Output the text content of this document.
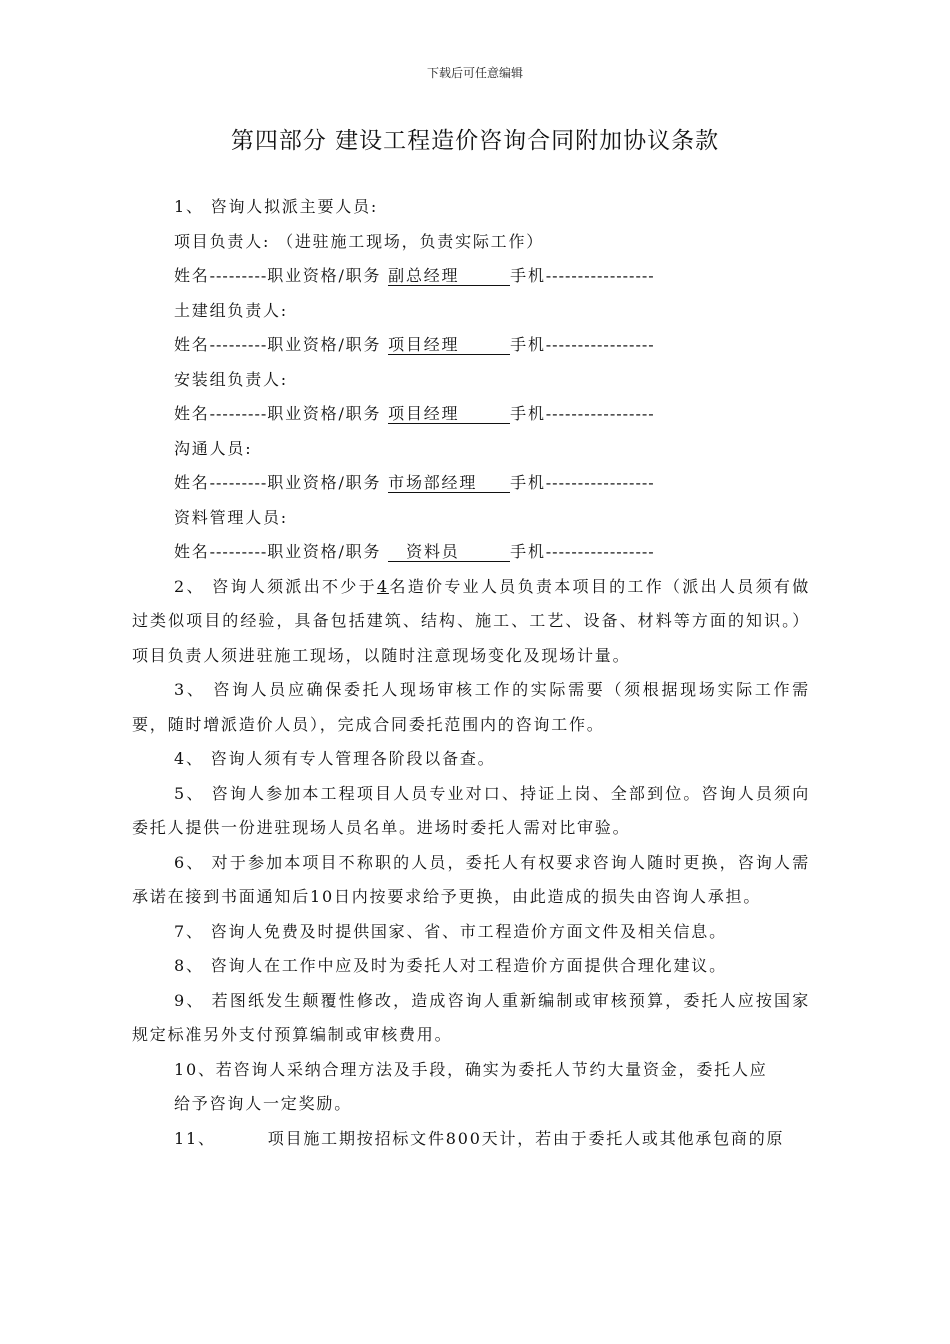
下载后可任意编辑
第四部分 建设工程造价咨询合同附加协议条款
1、 咨询人拟派主要人员:
项目负责人: （进驻施工现场，负责实际工作）
姓名---------职业资格/职务 副总经理	手机-----------------
土建组负责人:
姓名---------职业资格/职务 项目经理	手机-----------------
安装组负责人:
姓名---------职业资格/职务 项目经理	手机-----------------
沟通人员:
姓名---------职业资格/职务 市场部经理 手机-----------------
资料管理人员:
姓名---------职业资格/职务 资料员	手机-----------------
2、 咨询人须派出不少于4名造价专业人员负责本项目的工作（派出人员须有做过类似项目的经验，具备包括建筑、结构、施工、工艺、设备、材料等方面的知识。）项目负责人须进驻施工现场，以随时注意现场变化及现场计量。
3、 咨询人员应确保委托人现场审核工作的实际需要（须根据现场实际工作需要，随时增派造价人员），完成合同委托范围内的咨询工作。
4、 咨询人须有专人管理各阶段以备查。
5、 咨询人参加本工程项目人员专业对口、持证上岗、全部到位。咨询人员须向委托人提供一份进驻现场人员名单。进场时委托人需对比审验。
6、 对于参加本项目不称职的人员，委托人有权要求咨询人随时更换，咨询人需承诺在接到书面通知后10日内按要求给予更换，由此造成的损失由咨询人承担。
7、 咨询人免费及时提供国家、省、市工程造价方面文件及相关信息。
8、 咨询人在工作中应及时为委托人对工程造价方面提供合理化建议。
9、 若图纸发生颠覆性修改，造成咨询人重新编制或审核预算，委托人应按国家规定标准另外支付预算编制或审核费用。
10、若咨询人采纳合理方法及手段，确实为委托人节约大量资金，委托人应
给予咨询人一定奖励。
11、	项目施工期按招标文件800天计，若由于委托人或其他承包商的原
